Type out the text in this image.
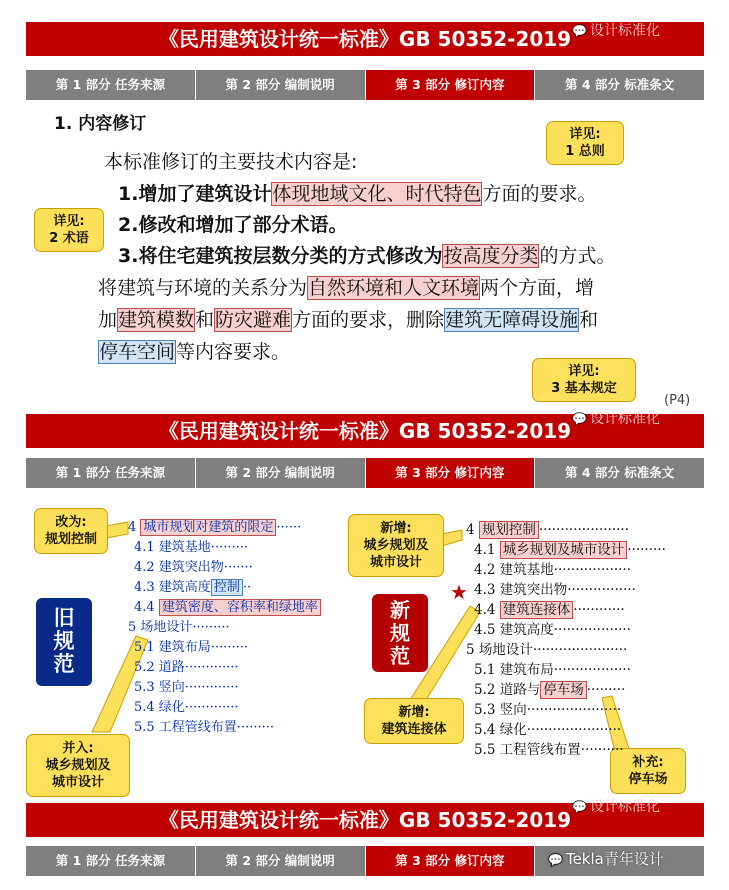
《民用建筑设计统一标准》GB 50352-2019 💬 设计标准化
第 1 部分 任务来源	第 2 部分 编制说明	第 3 部分 修订内容	第 4 部分 标准条文
1. 内容修订
本标准修订的主要技术内容是:
1.增加了建筑设计体现地域文化、时代特色方面的要求。
2.修改和增加了部分术语。
3.将住宅建筑按层数分类的方式修改为按高度分类的方式。
将建筑与环境的关系分为自然环境和人文环境两个方面，增
加建筑模数和防灾避难方面的要求，删除建筑无障碍设施和
停车空间等内容要求。
详见:
1 总则
详见:
2 术语
详见:
3 基本规定
(P4)
《民用建筑设计统一标准》GB 50352-2019 💬 设计标准化
第 1 部分 任务来源	第 2 部分 编制说明	第 3 部分 修订内容	第 4 部分 标准条文
改为:
规划控制
并入:
城乡规划及
城市设计
新增:
城乡规划及
城市设计
新增:
建筑连接体
补充:
停车场
旧规范
新规范
4 城市规划对建筑的限定 ······
4.1 建筑基地·········
4.2 建筑突出物·······
4.3 建筑高度 控制 ··
4.4 建筑密度、容积率和绿地率
5 场地设计·········
5.1 建筑布局·········
5.2 道路·············
5.3 竖向·············
5.4 绿化·············
5.5 工程管线布置·········
★
4 规划控制 ·····················
4.1 城乡规划及城市设计 ·········
4.2 建筑基地··················
4.3 建筑突出物················
4.4 建筑连接体 ············
4.5 建筑高度··················
5 场地设计······················
5.1 建筑布局··················
5.2 道路与 停车场 ·········
5.3 竖向······················
5.4 绿化······················
5.5 工程管线布置··········
《民用建筑设计统一标准》GB 50352-2019
💬 设计标准化
第 1 部分 任务来源	第 2 部分 编制说明	第 3 部分 修订内容	💬 Tekla青年设计
